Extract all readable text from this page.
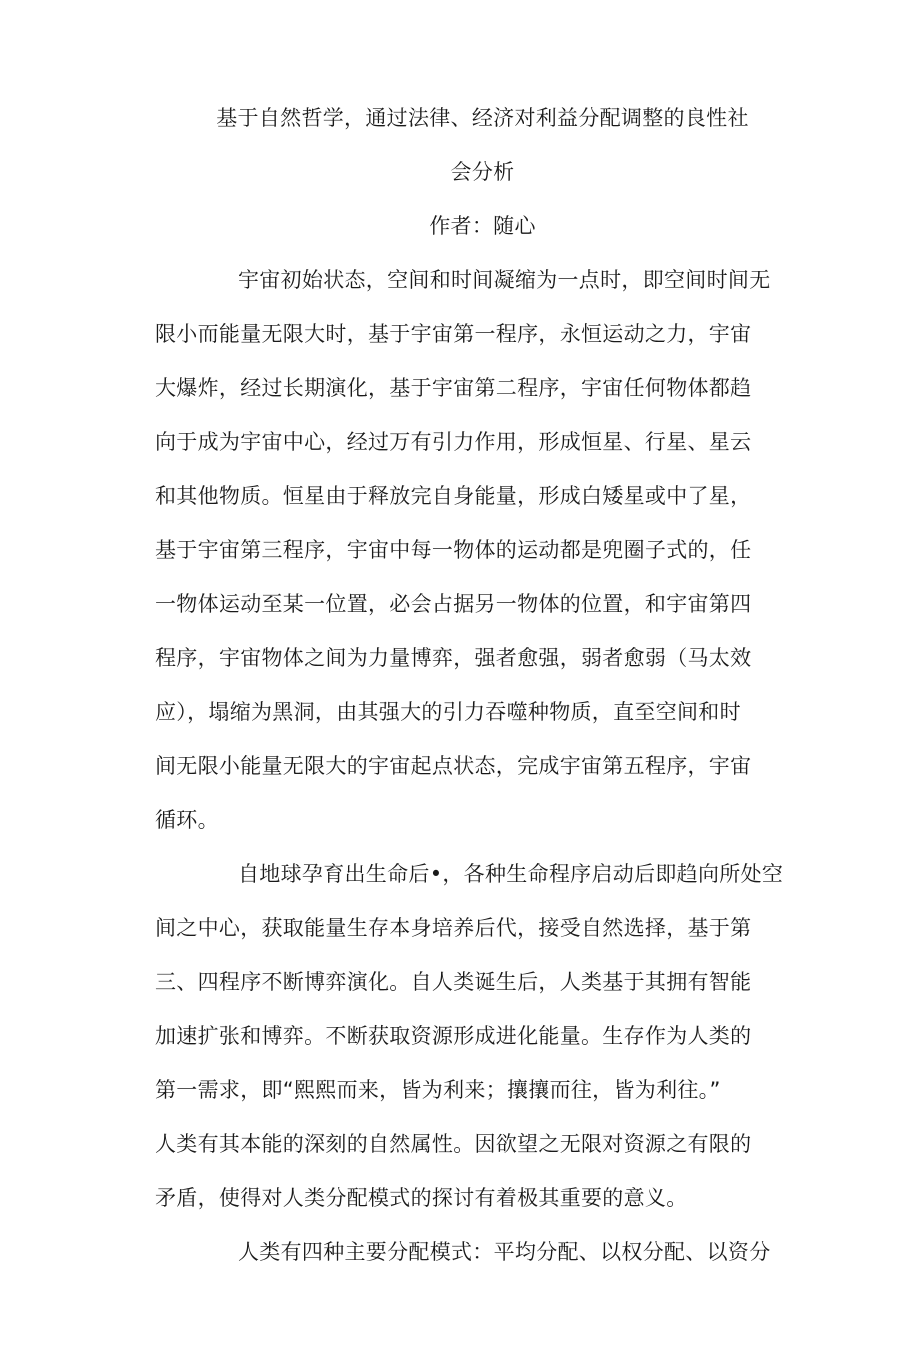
基于自然哲学，通过法律、经济对利益分配调整的良性社
会分析
作者：随心
宇宙初始状态，空间和时间凝缩为一点时，即空间时间无
限小而能量无限大时，基于宇宙第一程序，永恒运动之力，宇宙
大爆炸，经过长期演化，基于宇宙第二程序，宇宙任何物体都趋
向于成为宇宙中心，经过万有引力作用，形成恒星、行星、星云
和其他物质。恒星由于释放完自身能量，形成白矮星或中了星，
基于宇宙第三程序，宇宙中每一物体的运动都是兜圈子式的，任
一物体运动至某一位置，必会占据另一物体的位置，和宇宙第四
程序，宇宙物体之间为力量博弈，强者愈强，弱者愈弱（马太效
应），塌缩为黑洞，由其强大的引力吞噬种物质，直至空间和时
间无限小能量无限大的宇宙起点状态，完成宇宙第五程序，宇宙
循环。
自地球孕育出生命后•，各种生命程序启动后即趋向所处空
间之中心，获取能量生存本身培养后代，接受自然选择，基于第
三、四程序不断博弈演化。自人类诞生后，人类基于其拥有智能
加速扩张和博弈。不断获取资源形成进化能量。生存作为人类的
第一需求，即“熙熙而来，皆为利来；攘攘而往，皆为利往。”
人类有其本能的深刻的自然属性。因欲望之无限对资源之有限的
矛盾，使得对人类分配模式的探讨有着极其重要的意义。
人类有四种主要分配模式：平均分配、以权分配、以资分
